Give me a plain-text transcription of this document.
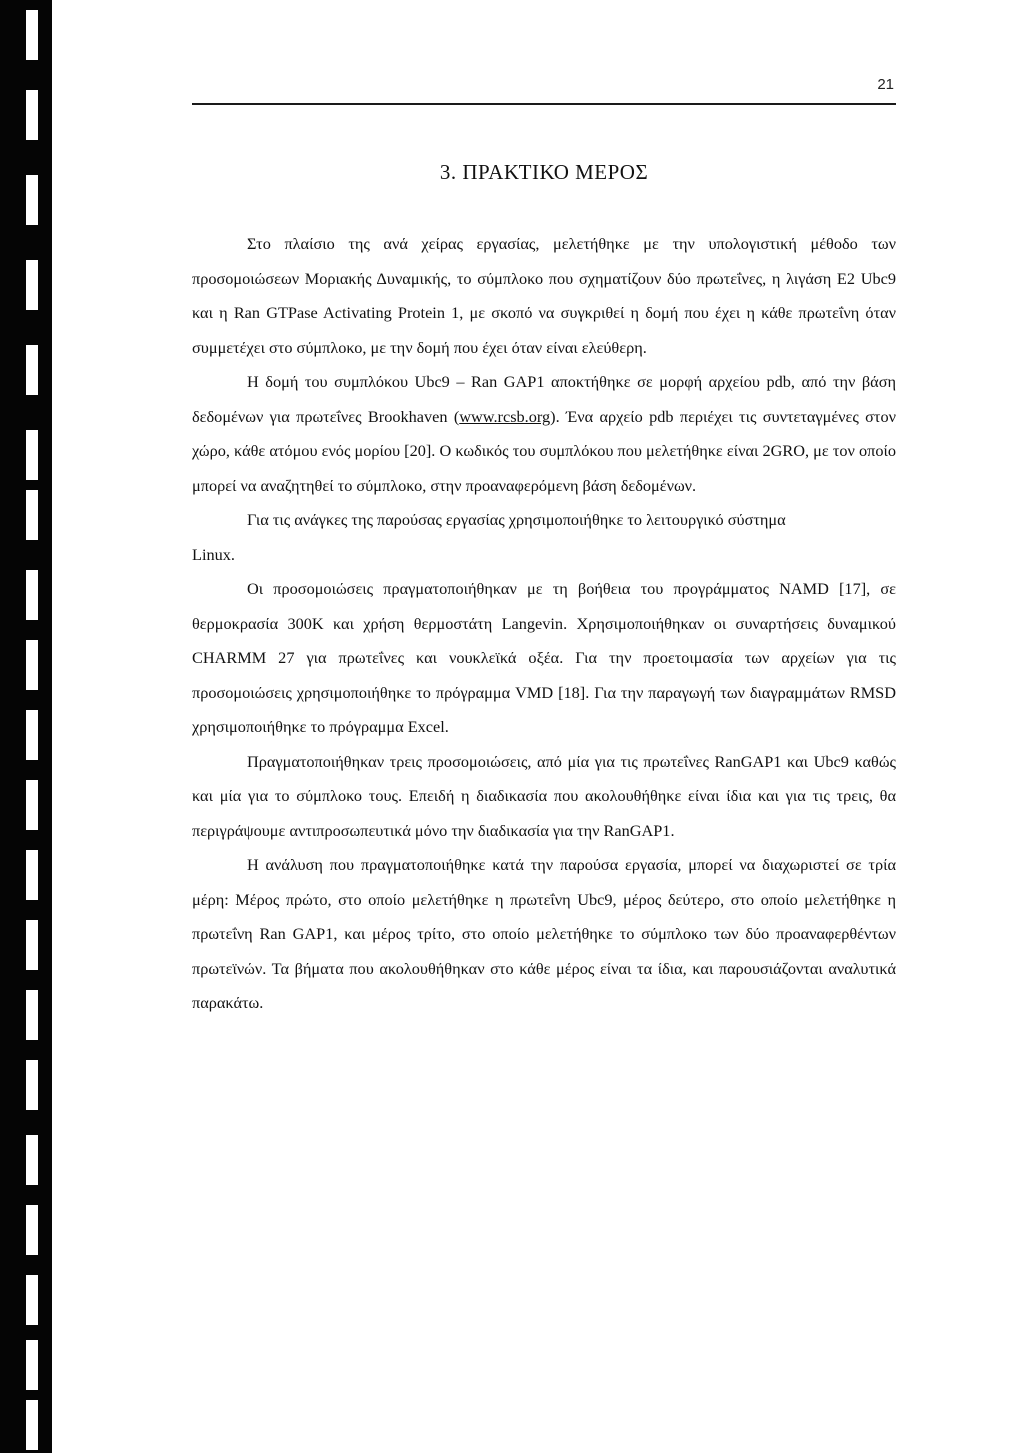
21
3. ΠΡΑΚΤΙΚΟ ΜΕΡΟΣ

Στο πλαίσιο της ανά χείρας εργασίας, μελετήθηκε με την υπολογιστική μέθοδο των προσομοιώσεων Μοριακής Δυναμικής, το σύμπλοκο που σχηματίζουν δύο πρωτεΐνες, η λιγάση E2 Ubc9 και η Ran GTPase Activating Protein 1, με σκοπό να συγκριθεί η δομή που έχει η κάθε πρωτεΐνη όταν συμμετέχει στο σύμπλοκο, με την δομή που έχει όταν είναι ελεύθερη.

Η δομή του συμπλόκου Ubc9 – Ran GAP1 αποκτήθηκε σε μορφή αρχείου pdb, από την βάση δεδομένων για πρωτεΐνες Brookhaven (www.rcsb.org). Ένα αρχείο pdb περιέχει τις συντεταγμένες στον χώρο, κάθε ατόμου ενός μορίου [20]. Ο κωδικός του συμπλόκου που μελετήθηκε είναι 2GRO, με τον οποίο μπορεί να αναζητηθεί το σύμπλοκο, στην προαναφερόμενη βάση δεδομένων.

Για τις ανάγκες της παρούσας εργασίας χρησιμοποιήθηκε το λειτουργικό σύστημα

Linux.

Οι προσομοιώσεις πραγματοποιήθηκαν με τη βοήθεια του προγράμματος NAMD [17], σε θερμοκρασία 300K και χρήση θερμοστάτη Langevin. Χρησιμοποιήθηκαν οι συναρτήσεις δυναμικού CHARMM 27 για πρωτεΐνες και νουκλεϊκά οξέα. Για την προετοιμασία των αρχείων για τις προσομοιώσεις χρησιμοποιήθηκε το πρόγραμμα VMD [18]. Για την παραγωγή των διαγραμμάτων RMSD χρησιμοποιήθηκε το πρόγραμμα Excel.

Πραγματοποιήθηκαν τρεις προσομοιώσεις, από μία για τις πρωτεΐνες RanGAP1 και Ubc9 καθώς και μία για το σύμπλοκο τους. Επειδή η διαδικασία που ακολουθήθηκε είναι ίδια και για τις τρεις, θα περιγράψουμε αντιπροσωπευτικά μόνο την διαδικασία για την RanGAP1.

Η ανάλυση που πραγματοποιήθηκε κατά την παρούσα εργασία, μπορεί να διαχωριστεί σε τρία μέρη: Μέρος πρώτο, στο οποίο μελετήθηκε η πρωτεΐνη Ubc9, μέρος δεύτερο, στο οποίο μελετήθηκε η πρωτεΐνη Ran GAP1, και μέρος τρίτο, στο οποίο μελετήθηκε το σύμπλοκο των δύο προαναφερθέντων πρωτεϊνών. Τα βήματα που ακολουθήθηκαν στο κάθε μέρος είναι τα ίδια, και παρουσιάζονται αναλυτικά παρακάτω.
